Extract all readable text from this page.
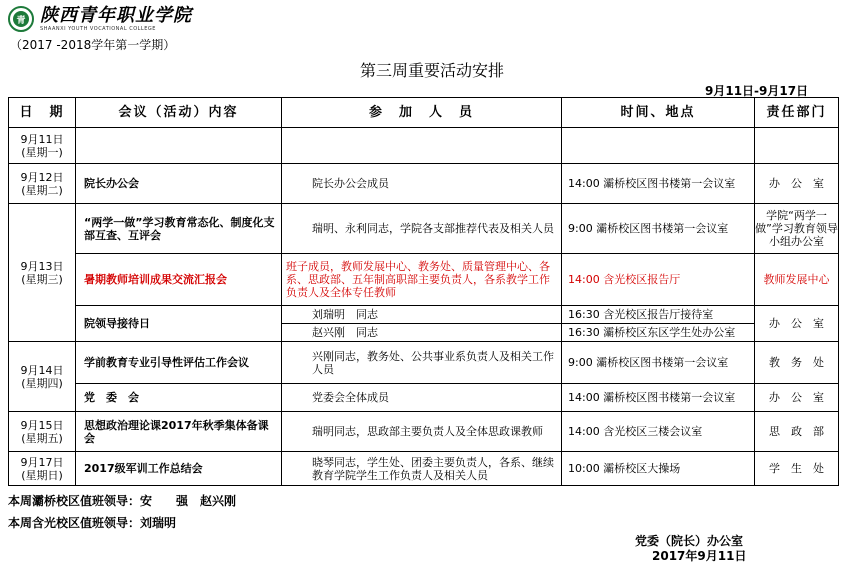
青 陕西青年职业学院
SHAANXI YOUTH VOCATIONAL COLLEGE
（2017 -2018学年第一学期）
第三周重要活动安排
9月11日-9月17日
日　期	会议（活动）内容	参　加　人　员	时间、地点	责任部门
9月11日
(星期一)				
9月12日
(星期二)	院长办公会	院长办公会成员	14:00 灞桥校区图书楼第一会议室	办　公　室
9月13日
(星期三)	“两学一做”学习教育常态化、制度化支部互查、互评会	瑞明、永利同志，学院各支部推荐代表及相关人员	9:00 灞桥校区图书楼第一会议室	学院“两学一做”学习教育领导小组办公室
	暑期教师培训成果交流汇报会	班子成员，教师发展中心、教务处、质量管理中心、各系、思政部、五年制高职部主要负责人，各系教学工作负责人及全体专任教师	14:00 含光校区报告厅	教师发展中心
	院领导接待日	刘瑞明　同志	16:30 含光校区报告厅接待室	办　公　室
		赵兴刚　同志	16:30 灞桥校区东区学生处办公室	
9月14日
(星期四)	学前教育专业引导性评估工作会议	兴刚同志，教务处、公共事业系负责人及相关工作人员	9:00 灞桥校区图书楼第一会议室	教　务　处
	党　委　会	党委会全体成员	14:00 灞桥校区图书楼第一会议室	办　公　室
9月15日
(星期五)	思想政治理论课2017年秋季集体备课会	瑞明同志，思政部主要负责人及全体思政课教师	14:00 含光校区三楼会议室	思　政　部
9月17日
(星期日)	2017级军训工作总结会	晓琴同志，学生处、团委主要负责人，各系、继续教育学院学生工作负责人及相关人员	10:00 灞桥校区大操场	学　生　处
本周灞桥校区值班领导：安　　强　赵兴刚
本周含光校区值班领导：刘瑞明
党委（院长）办公室
2017年9月11日
